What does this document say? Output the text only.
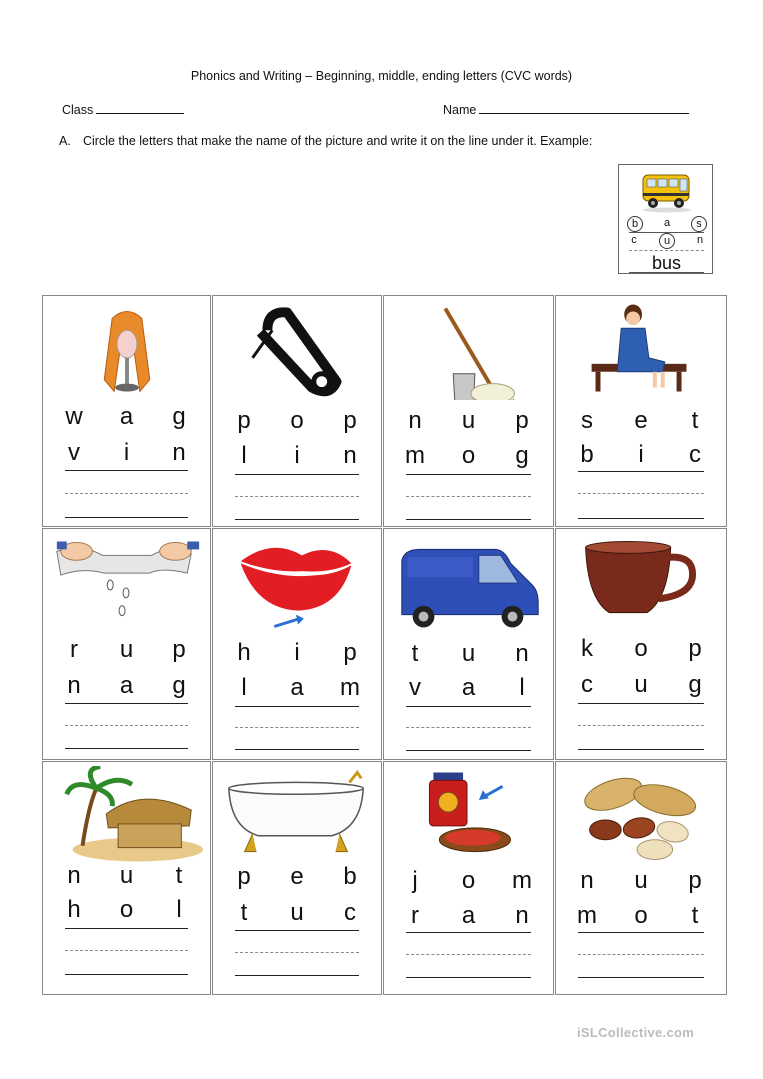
Phonics and Writing – Beginning, middle, ending letters (CVC words)
Class	Name
A. Circle the letters that make the name of the picture and write it on the line under it. Example:
b	a	s
c	u	n
bus
w a g
v	i	n
p o p
l	i	n
n u p
m o g
s e	t
b	i	c
r u p
n a g
h	i	p
l	a m
t	u n
v a	l
k o p
c u g
n u	t
h o	l
p e b
t	u c
j	o m
r a n
n u p
m o	t
iSLCollective.com
